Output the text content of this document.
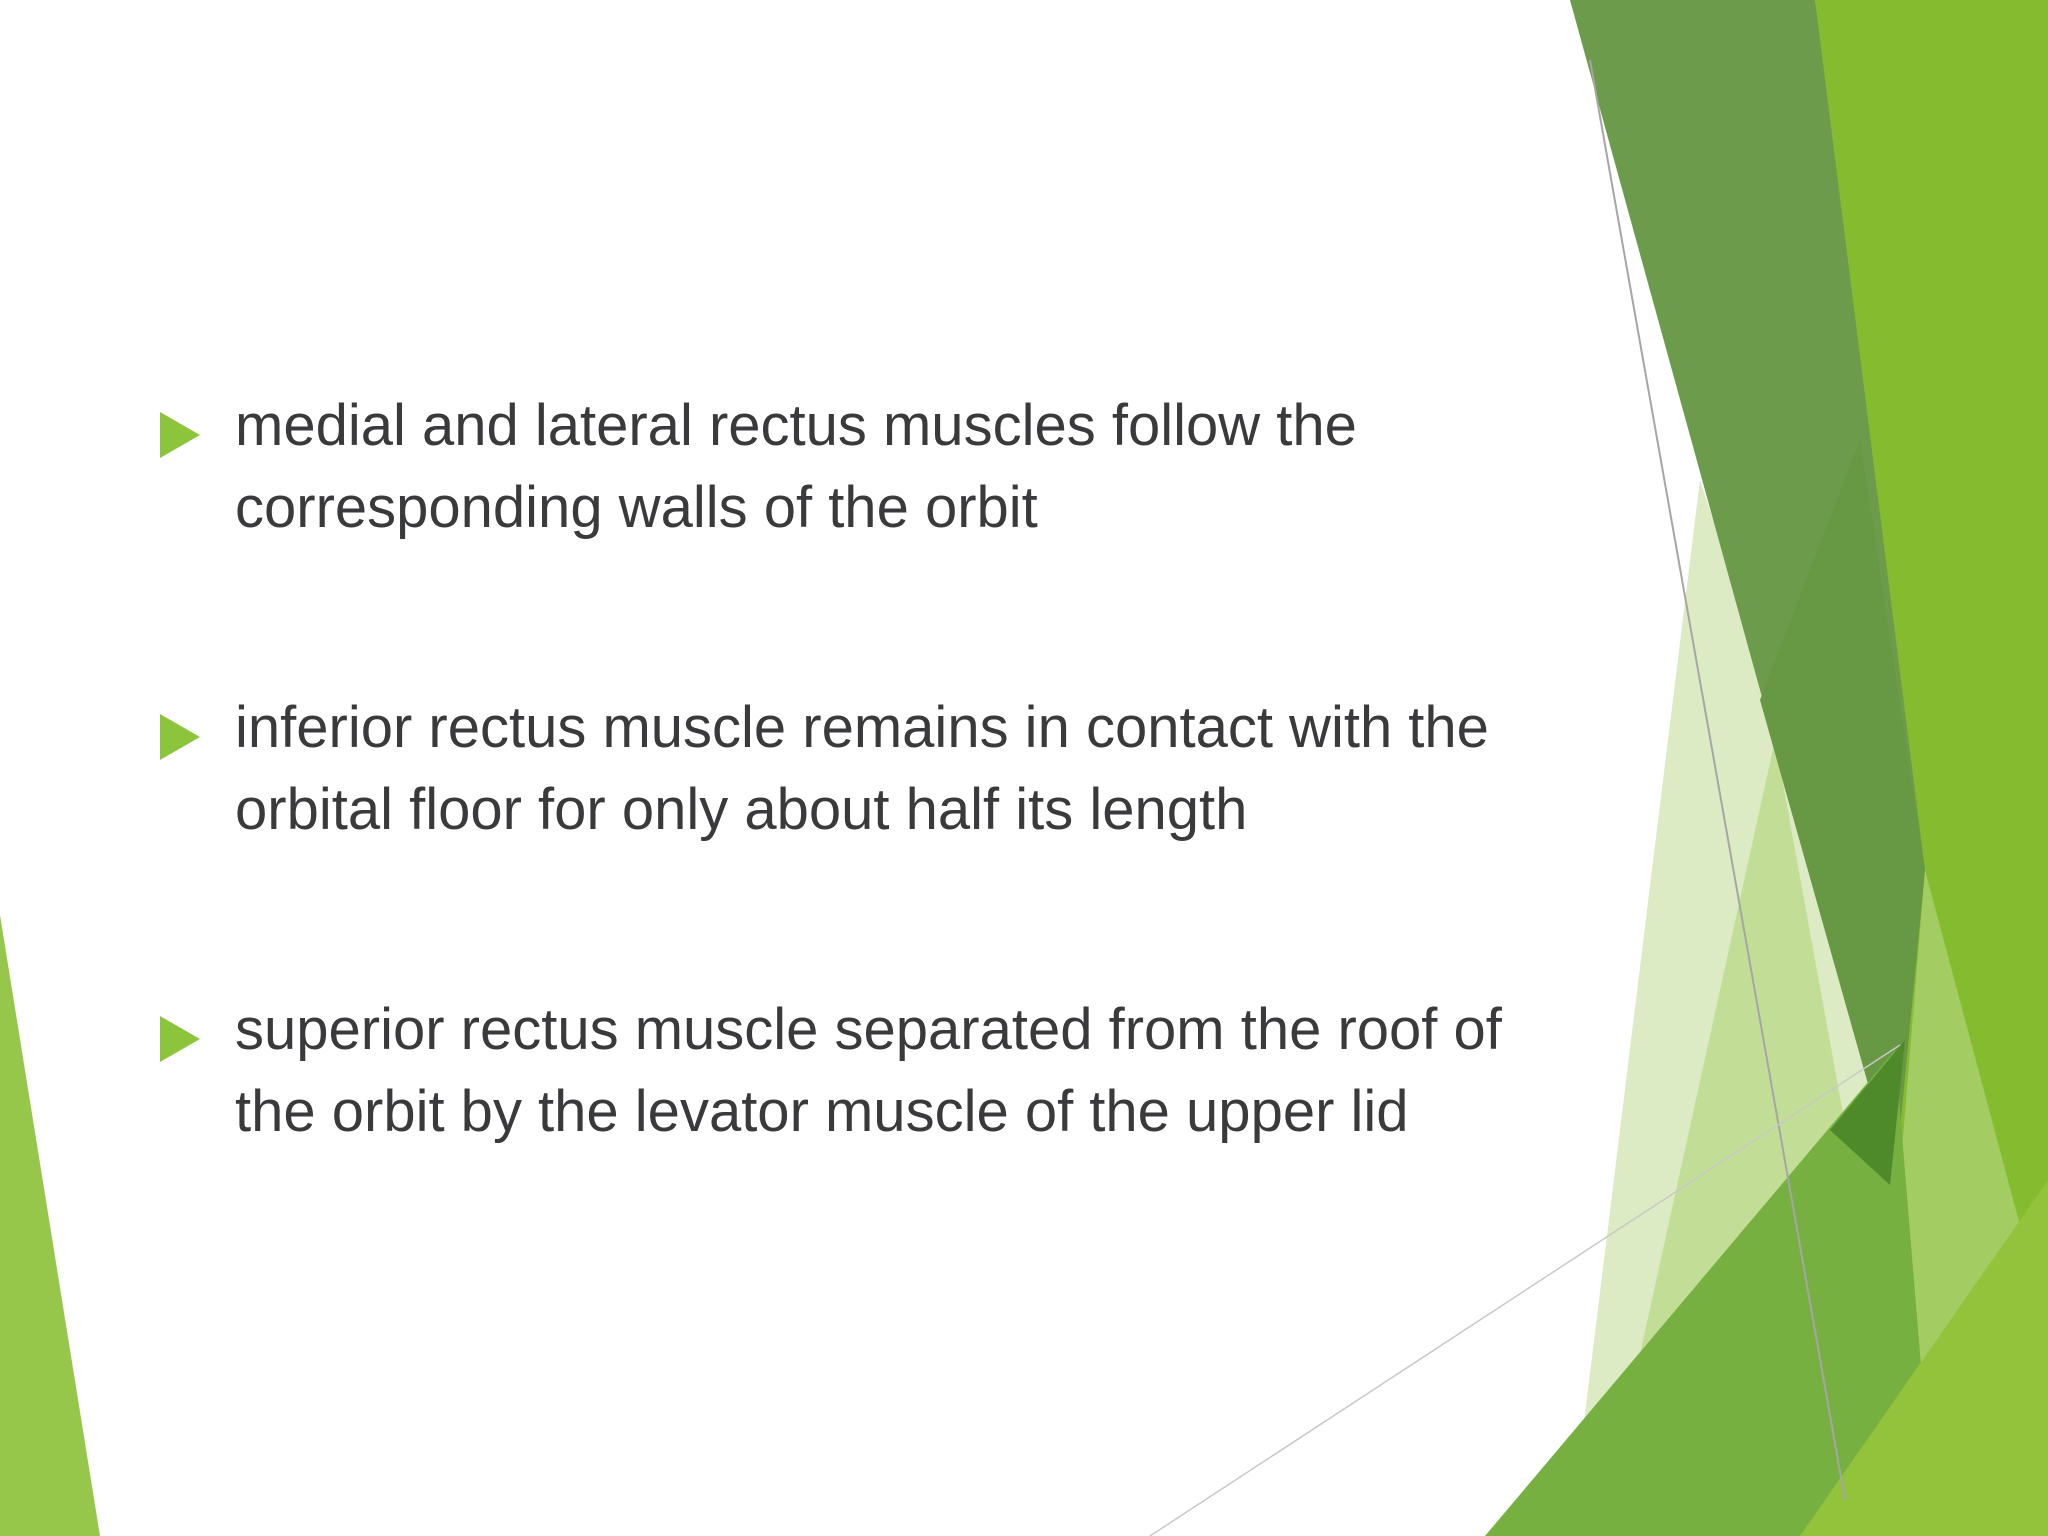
medial and lateral rectus muscles follow the corresponding walls of the orbit
inferior rectus muscle remains in contact with the orbital floor for only about half its length
superior rectus muscle separated from the roof of the orbit by the levator muscle of the upper lid
